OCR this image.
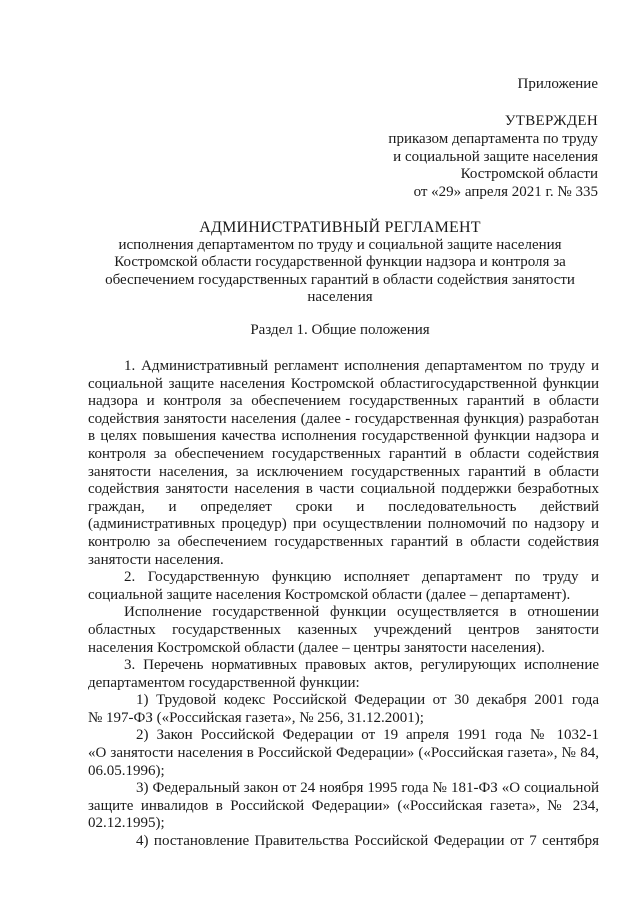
Приложение
УТВЕРЖДЕН
приказом департамента по труду
и социальной защите населения
Костромской области
от «29» апреля 2021 г. № 335
АДМИНИСТРАТИВНЫЙ РЕГЛАМЕНТ
исполнения департаментом по труду и социальной защите населения
Костромской области государственной функции надзора и контроля за
обеспечением государственных гарантий в области содействия занятости
населения
Раздел 1. Общие положения
1. Административный регламент исполнения департаментом по труду и
социальной защите населения Костромской областигосударственной функции
надзора и контроля за обеспечением государственных гарантий в области
содействия занятости населения (далее - государственная функция) разработан
в целях повышения качества исполнения государственной функции надзора и
контроля за обеспечением государственных гарантий в области содействия
занятости населения, за исключением государственных гарантий в области
содействия занятости населения в части социальной поддержки безработных
граждан, и определяет сроки и последовательность действий
(административных процедур) при осуществлении полномочий по надзору и
контролю за обеспечением государственных гарантий в области содействия
занятости населения.
2. Государственную функцию исполняет департамент по труду и
социальной защите населения Костромской области (далее – департамент).
Исполнение государственной функции осуществляется в отношении
областных государственных казенных учреждений центров занятости
населения Костромской области (далее – центры занятости населения).
3. Перечень нормативных правовых актов, регулирующих исполнение
департаментом государственной функции:
1) Трудовой кодекс Российской Федерации от 30 декабря 2001 года
№ 197-ФЗ («Российская газета», № 256, 31.12.2001);
2) Закон Российской Федерации от 19 апреля 1991 года № 1032-1
«О занятости населения в Российской Федерации» («Российская газета», № 84,
06.05.1996);
3) Федеральный закон от 24 ноября 1995 года № 181-ФЗ «О социальной
защите инвалидов в Российской Федерации» («Российская газета», № 234,
02.12.1995);
4) постановление Правительства Российской Федерации от 7 сентября
